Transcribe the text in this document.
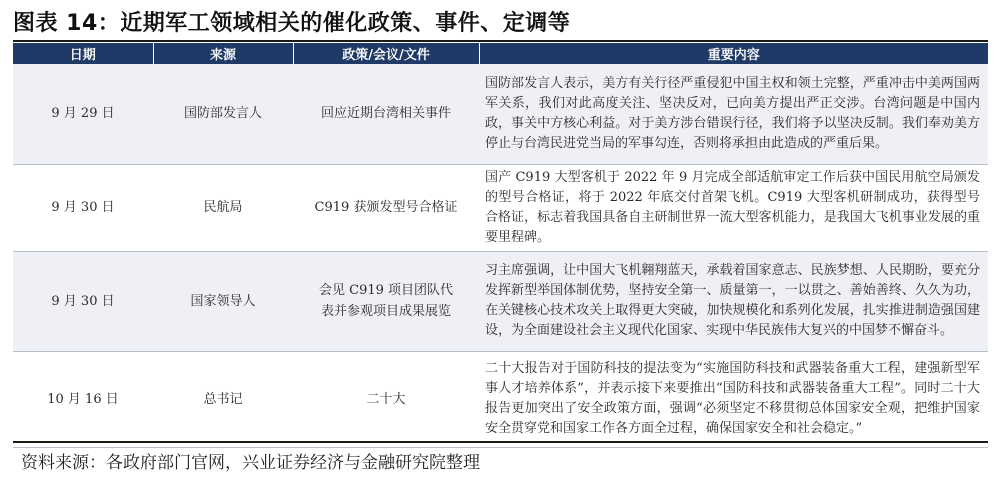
图表 14：近期军工领域相关的催化政策、事件、定调等
日期	来源	政策/会议/文件	重要内容
9 月 29 日	国防部发言人	回应近期台湾相关事件	国防部发言人表示，美方有关行径严重侵犯中国主权和领土完整，严重冲击中美两国两军关系，我们对此高度关注、坚决反对，已向美方提出严正交涉。台湾问题是中国内政，事关中方核心利益。对于美方涉台错误行径，我们将予以坚决反制。我们奉劝美方停止与台湾民进党当局的军事勾连，否则将承担由此造成的严重后果。
9 月 30 日	民航局	C919 获颁发型号合格证	国产 C919 大型客机于 2022 年 9 月完成全部适航审定工作后获中国民用航空局颁发的型号合格证，将于 2022 年底交付首架飞机。C919 大型客机研制成功，获得型号合格证，标志着我国具备自主研制世界一流大型客机能力，是我国大飞机事业发展的重要里程碑。
9 月 30 日	国家领导人	会见 C919 项目团队代表并参观项目成果展览	习主席强调，让中国大飞机翱翔蓝天，承载着国家意志、民族梦想、人民期盼，要充分发挥新型举国体制优势，坚持安全第一、质量第一，一以贯之、善始善终、久久为功，在关键核心技术攻关上取得更大突破，加快规模化和系列化发展，扎实推进制造强国建设，为全面建设社会主义现代化国家、实现中华民族伟大复兴的中国梦不懈奋斗。
10 月 16 日	总书记	二十大	二十大报告对于国防科技的提法变为“实施国防科技和武器装备重大工程，建强新型军事人才培养体系”，并表示接下来要推出“国防科技和武器装备重大工程”。同时二十大报告更加突出了安全政策方面，强调“必须坚定不移贯彻总体国家安全观，把维护国家安全贯穿党和国家工作各方面全过程，确保国家安全和社会稳定。”
资料来源：各政府部门官网，兴业证券经济与金融研究院整理
